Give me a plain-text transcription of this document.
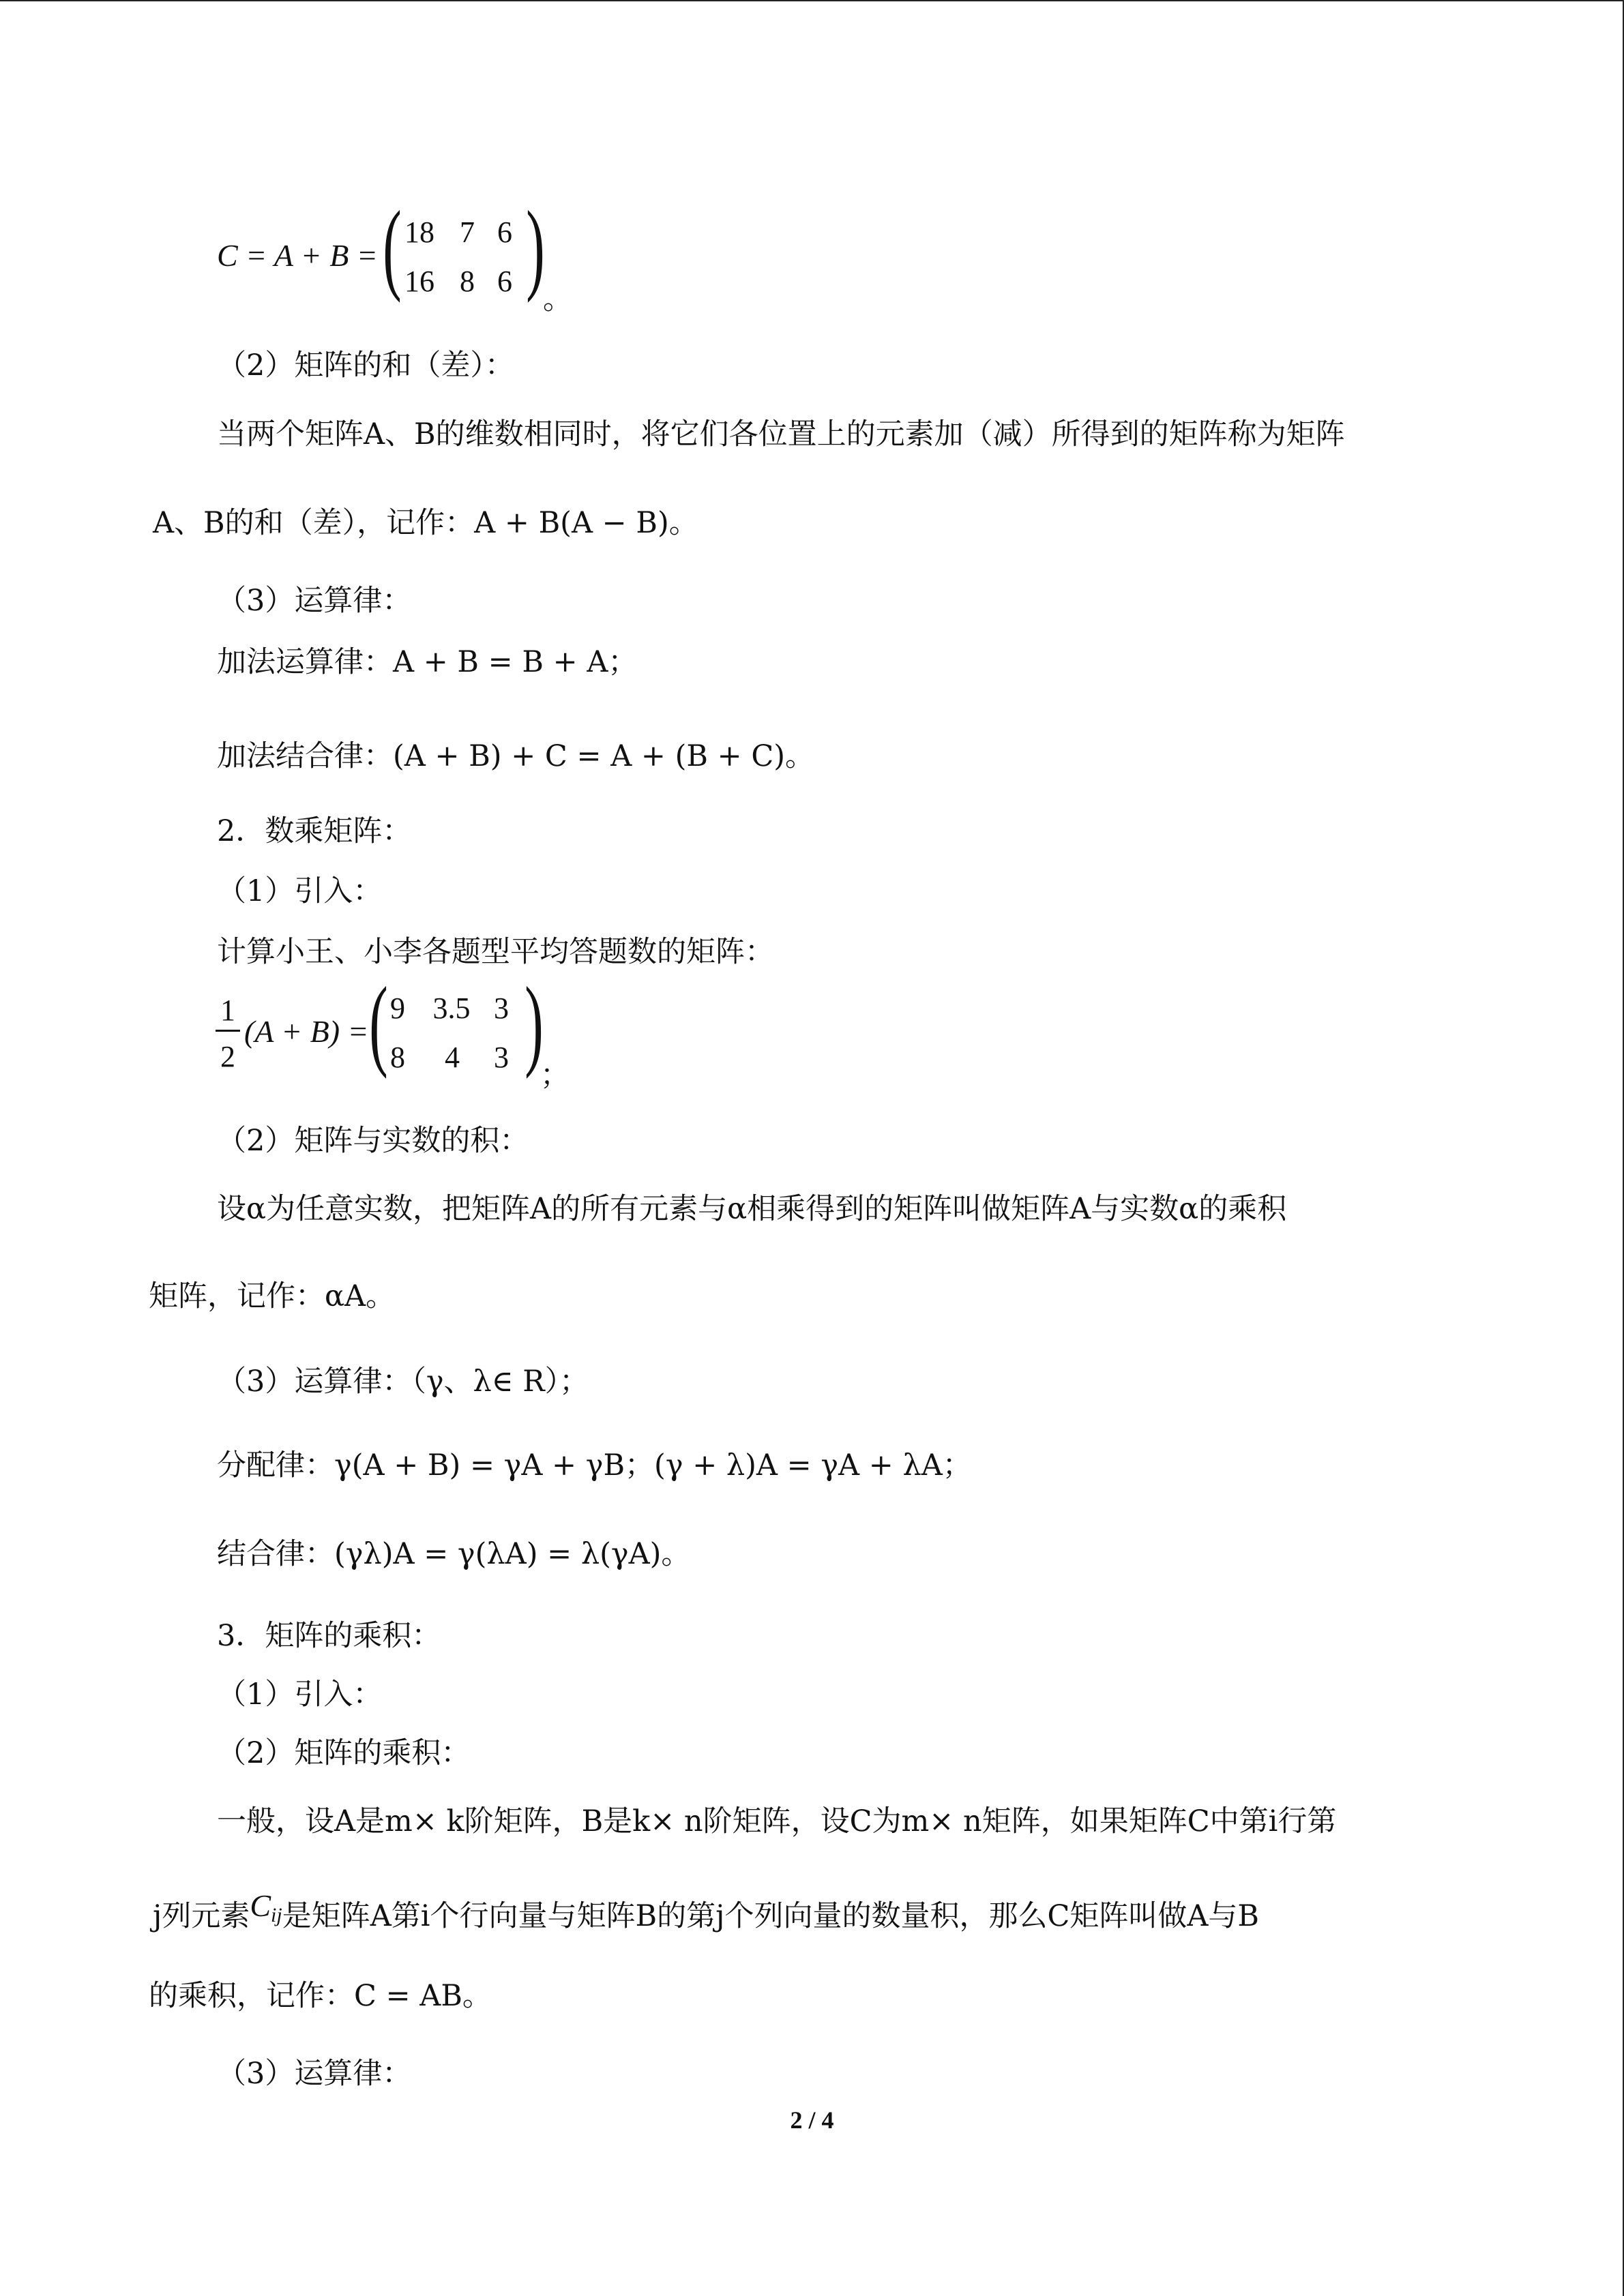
C = A + B = ( )
18 7 6
16 8 6
。
（2）矩阵的和（差）：
当两个矩阵A、B的维数相同时，将它们各位置上的元素加（减）所得到的矩阵称为矩阵
A、B的和（差），记作：A + B(A − B)。
（3）运算律：
加法运算律：A + B = B + A；
加法结合律：(A + B) + C = A + (B + C)。
2．数乘矩阵：
（1）引入：
计算小王、小李各题型平均答题数的矩阵：
1
2
(A + B) = ( )
9 3.5 3
8	4	3
；
（2）矩阵与实数的积：
设α为任意实数，把矩阵A的所有元素与α相乘得到的矩阵叫做矩阵A与实数α的乘积
矩阵，记作：αA。
（3）运算律：（γ、λ∈ R）；
分配律：γ(A + B) = γA + γB；(γ + λ)A = γA + λA；
结合律：(γλ)A = γ(λA) = λ(γA)。
3．矩阵的乘积：
（1）引入：
（2）矩阵的乘积：
一般，设A是m× k阶矩阵，B是k× n阶矩阵，设C为m× n矩阵，如果矩阵C中第i行第
j列元素Cij是矩阵A第i个行向量与矩阵B的第j个列向量的数量积，那么C矩阵叫做A与B
的乘积，记作：C = AB。
（3）运算律：
2 / 4
